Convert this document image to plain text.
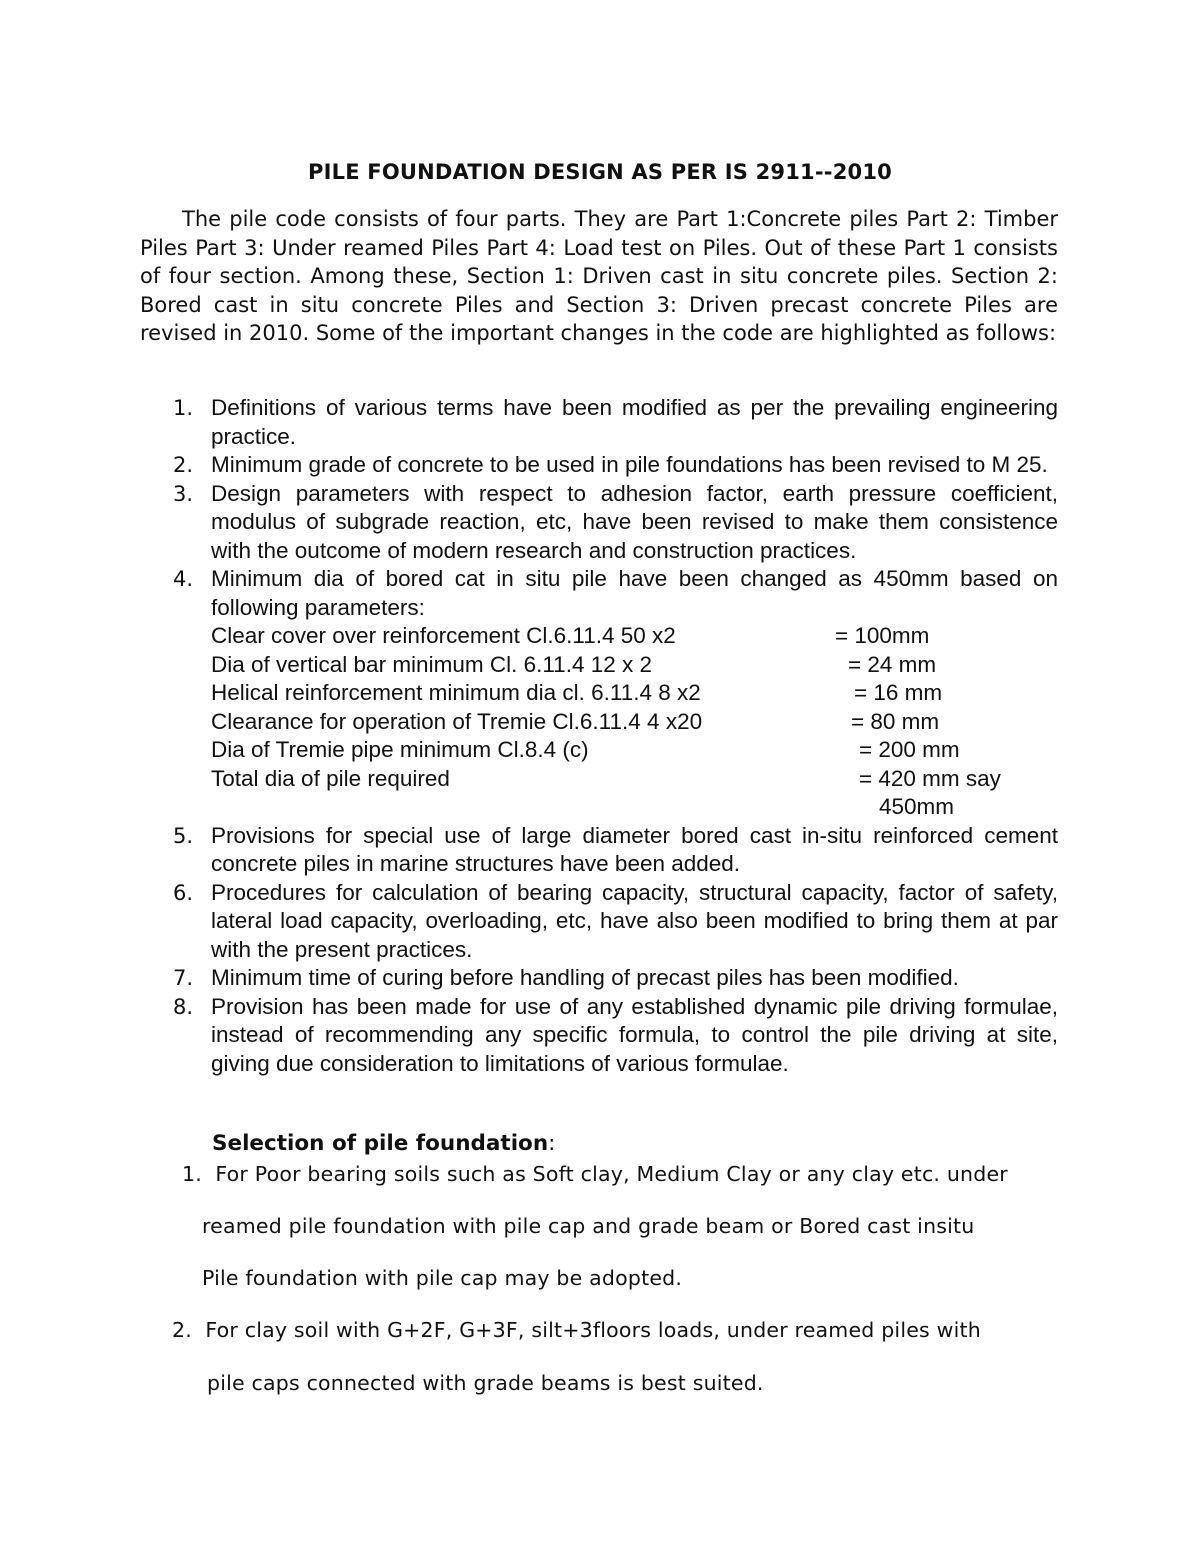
PILE FOUNDATION DESIGN AS PER IS 2911--2010
The pile code consists of four parts. They are Part 1:Concrete piles Part 2: Timber Piles Part 3: Under reamed Piles Part 4: Load test on Piles. Out of these Part 1 consists of four section. Among these, Section 1: Driven cast in situ concrete piles. Section 2: Bored cast in situ concrete Piles and Section 3: Driven precast concrete Piles are revised in 2010. Some of the important changes in the code are highlighted as follows:
1. Definitions of various terms have been modified as per the prevailing engineering practice.
2. Minimum grade of concrete to be used in pile foundations has been revised to M 25.
3. Design parameters with respect to adhesion factor, earth pressure coefficient, modulus of subgrade reaction, etc, have been revised to make them consistence with the outcome of modern research and construction practices.
4. Minimum dia of bored cat in situ pile have been changed as 450mm based on following parameters:
Clear cover over reinforcement Cl.6.11.4 50 x2	= 100mm
Dia of vertical bar minimum Cl. 6.11.4 12 x 2	= 24 mm
Helical reinforcement minimum dia cl. 6.11.4 8 x2	= 16 mm
Clearance for operation of Tremie Cl.6.11.4 4 x20	= 80 mm
Dia of Tremie pipe minimum Cl.8.4 (c)	= 200 mm
Total dia of pile required	= 420 mm say
450mm
5. Provisions for special use of large diameter bored cast in-situ reinforced cement concrete piles in marine structures have been added.
6. Procedures for calculation of bearing capacity, structural capacity, factor of safety, lateral load capacity, overloading, etc, have also been modified to bring them at par with the present practices.
7. Minimum time of curing before handling of precast piles has been modified.
8. Provision has been made for use of any established dynamic pile driving formulae, instead of recommending any specific formula, to control the pile driving at site, giving due consideration to limitations of various formulae.
Selection of pile foundation:
1. For Poor bearing soils such as Soft clay, Medium Clay or any clay etc. under
reamed pile foundation with pile cap and grade beam or Bored cast insitu
Pile foundation with pile cap may be adopted.
2. For clay soil with G+2F, G+3F, silt+3floors loads, under reamed piles with
pile caps connected with grade beams is best suited.
